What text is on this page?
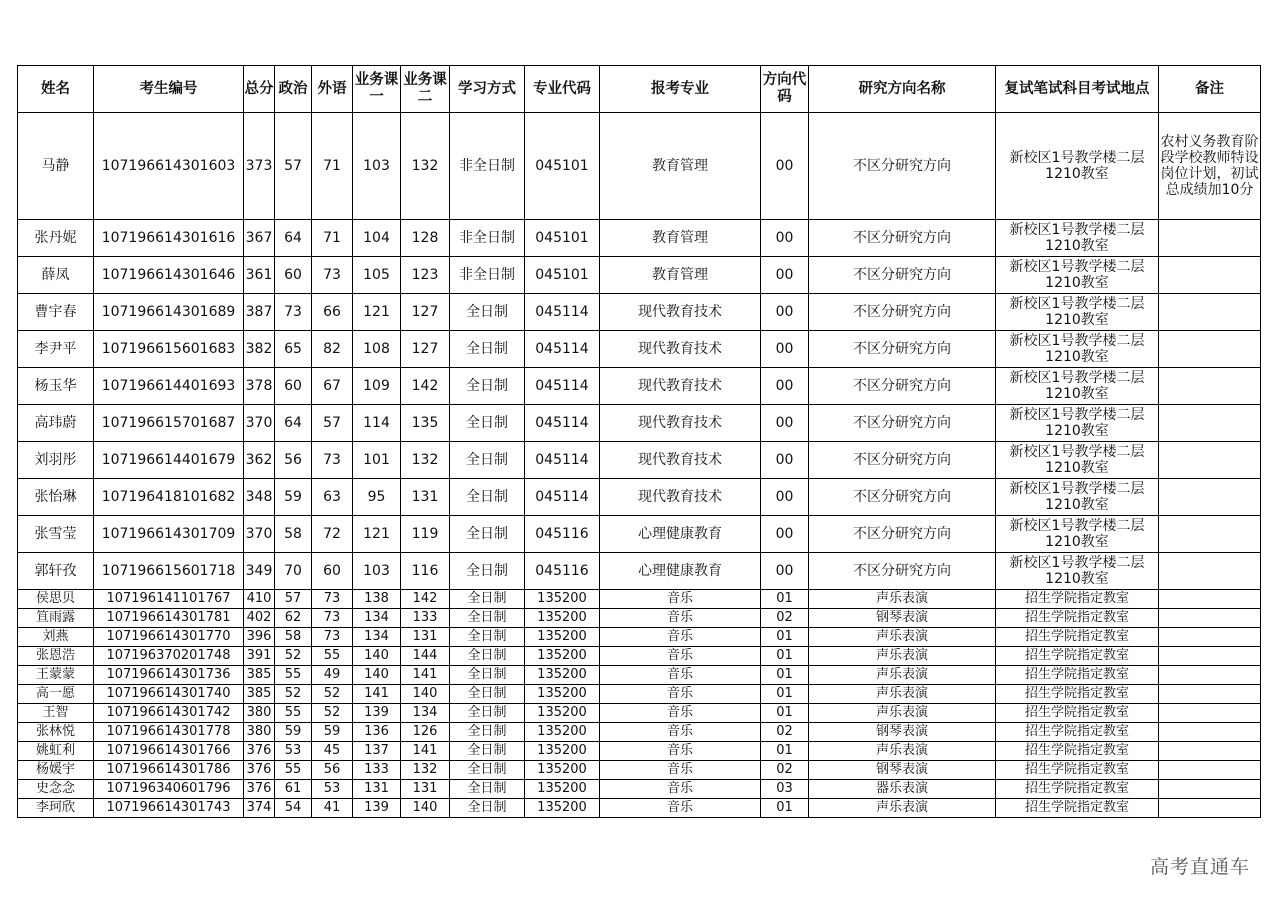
姓名	考生编号	总分	政治	外语	业务课一	业务课二	学习方式	专业代码	报考专业	方向代码	研究方向名称	复试笔试科目考试地点	备注
马静	107196614301603	373	57	71	103	132	非全日制	045101	教育管理	00	不区分研究方向	新校区1号教学楼二层1210教室	农村义务教育阶段学校教师特设岗位计划，初试总成绩加10分
张丹妮	107196614301616	367	64	71	104	128	非全日制	045101	教育管理	00	不区分研究方向	新校区1号教学楼二层1210教室	
薛凤	107196614301646	361	60	73	105	123	非全日制	045101	教育管理	00	不区分研究方向	新校区1号教学楼二层1210教室	
曹宇春	107196614301689	387	73	66	121	127	全日制	045114	现代教育技术	00	不区分研究方向	新校区1号教学楼二层1210教室	
李尹平	107196615601683	382	65	82	108	127	全日制	045114	现代教育技术	00	不区分研究方向	新校区1号教学楼二层1210教室	
杨玉华	107196614401693	378	60	67	109	142	全日制	045114	现代教育技术	00	不区分研究方向	新校区1号教学楼二层1210教室	
高玮蔚	107196615701687	370	64	57	114	135	全日制	045114	现代教育技术	00	不区分研究方向	新校区1号教学楼二层1210教室	
刘羽彤	107196614401679	362	56	73	101	132	全日制	045114	现代教育技术	00	不区分研究方向	新校区1号教学楼二层1210教室	
张怡琳	107196418101682	348	59	63	95	131	全日制	045114	现代教育技术	00	不区分研究方向	新校区1号教学楼二层1210教室	
张雪莹	107196614301709	370	58	72	121	119	全日制	045116	心理健康教育	00	不区分研究方向	新校区1号教学楼二层1210教室	
郭轩孜	107196615601718	349	70	60	103	116	全日制	045116	心理健康教育	00	不区分研究方向	新校区1号教学楼二层1210教室	
侯思贝	107196141101767	410	57	73	138	142	全日制	135200	音乐	01	声乐表演	招生学院指定教室	
笪雨露	107196614301781	402	62	73	134	133	全日制	135200	音乐	02	钢琴表演	招生学院指定教室	
刘燕	107196614301770	396	58	73	134	131	全日制	135200	音乐	01	声乐表演	招生学院指定教室	
张恩浩	107196370201748	391	52	55	140	144	全日制	135200	音乐	01	声乐表演	招生学院指定教室	
王蒙蒙	107196614301736	385	55	49	140	141	全日制	135200	音乐	01	声乐表演	招生学院指定教室	
高一愿	107196614301740	385	52	52	141	140	全日制	135200	音乐	01	声乐表演	招生学院指定教室	
王智	107196614301742	380	55	52	139	134	全日制	135200	音乐	01	声乐表演	招生学院指定教室	
张林悦	107196614301778	380	59	59	136	126	全日制	135200	音乐	02	钢琴表演	招生学院指定教室	
姚虹利	107196614301766	376	53	45	137	141	全日制	135200	音乐	01	声乐表演	招生学院指定教室	
杨媛宇	107196614301786	376	55	56	133	132	全日制	135200	音乐	02	钢琴表演	招生学院指定教室	
史念念	107196340601796	376	61	53	131	131	全日制	135200	音乐	03	器乐表演	招生学院指定教室	
李珂欣	107196614301743	374	54	41	139	140	全日制	135200	音乐	01	声乐表演	招生学院指定教室	
高考直通车
